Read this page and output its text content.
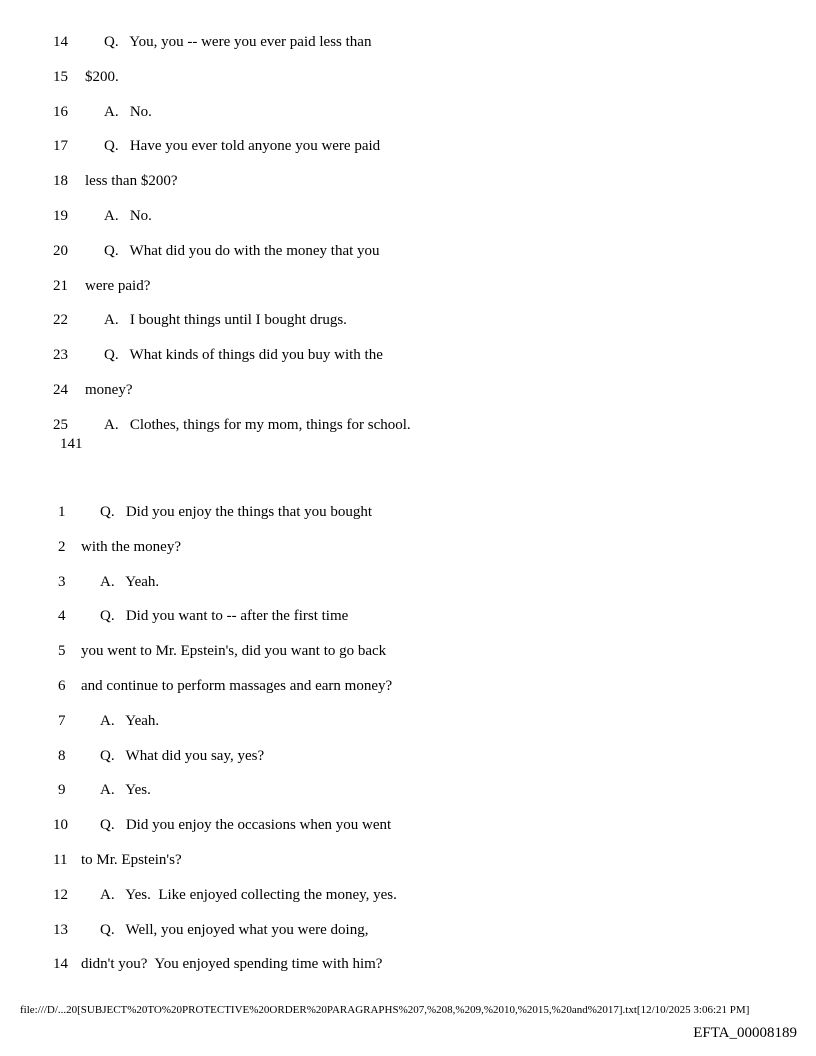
14 Q.   You, you -- were you ever paid less than
15 $200.
16 A.   No.
17 Q.   Have you ever told anyone you were paid
18 less than $200?
19 A.   No.
20 Q.   What did you do with the money that you
21 were paid?
22 A.   I bought things until I bought drugs.
23 Q.   What kinds of things did you buy with the
24 money?
25 A.   Clothes, things for my mom, things for school.
141
1 Q.   Did you enjoy the things that you bought
2 with the money?
3 A.   Yeah.
4 Q.   Did you want to -- after the first time
5 you went to Mr. Epstein's, did you want to go back
6 and continue to perform massages and earn money?
7 A.   Yeah.
8 Q.   What did you say, yes?
9 A.   Yes.
10 Q.   Did you enjoy the occasions when you went
11 to Mr. Epstein's?
12 A.   Yes.  Like enjoyed collecting the money, yes.
13 Q.   Well, you enjoyed what you were doing,
14 didn't you?  You enjoyed spending time with him?
file:///D/...20[SUBJECT%20TO%20PROTECTIVE%20ORDER%20PARAGRAPHS%207,%208,%209,%2010,%2015,%20and%2017].txt[12/10/2025 3:06:21 PM]
EFTA_00008189
